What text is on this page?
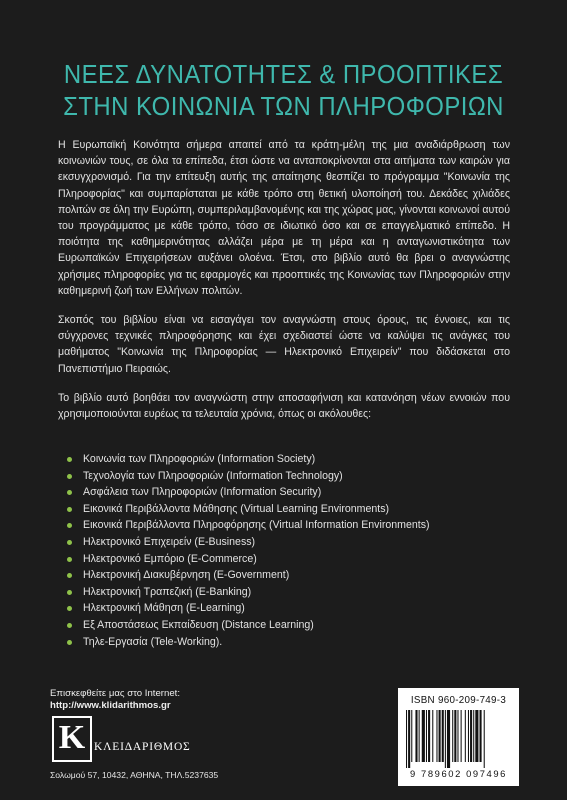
ΝΕΕΣ ΔΥΝΑΤΟΤΗΤΕΣ & ΠΡΟΟΠΤΙΚΕΣ
ΣΤΗΝ ΚΟΙΝΩΝΙΑ ΤΩΝ ΠΛΗΡΟΦΟΡΙΩΝ

Η Ευρωπαϊκή Κοινότητα σήμερα απαιτεί από τα κράτη-μέλη της μια αναδιάρθρωση των κοινωνιών τους, σε όλα τα επίπεδα, έτσι ώστε να ανταποκρίνονται στα αιτήματα των καιρών για εκσυγχρονισμό. Για την επίτευξη αυτής της απαίτησης θεσπίζει το πρόγραμμα "Κοινωνία της Πληροφορίας" και συμπαρίσταται με κάθε τρόπο στη θετική υλοποίησή του. Δεκάδες χιλιάδες πολιτών σε όλη την Ευρώπη, συμπεριλαμβανομένης και της χώρας μας, γίνονται κοινωνοί αυτού του προγράμματος με κάθε τρόπο, τόσο σε ιδιωτικό όσο και σε επαγγελματικό επίπεδο. Η ποιότητα της καθημερινότητας αλλάζει μέρα με τη μέρα και η ανταγωνιστικότητα των Ευρωπαϊκών Επιχειρήσεων αυξάνει ολοένα. Έτσι, στο βιβλίο αυτό θα βρει ο αναγνώστης χρήσιμες πληροφορίες για τις εφαρμογές και προοπτικές της Κοινωνίας των Πληροφοριών στην καθημερινή ζωή των Ελλήνων πολιτών.

Σκοπός του βιβλίου είναι να εισαγάγει τον αναγνώστη στους όρους, τις έννοιες, και τις σύγχρονες τεχνικές πληροφόρησης και έχει σχεδιαστεί ώστε να καλύψει τις ανάγκες του μαθήματος "Κοινωνία της Πληροφορίας — Ηλεκτρονικό Επιχειρείν" που διδάσκεται στο Πανεπιστήμιο Πειραιώς.

Το βιβλίο αυτό βοηθάει τον αναγνώστη στην αποσαφήνιση και κατανόηση νέων εννοιών που χρησιμοποιούνται ευρέως τα τελευταία χρόνια, όπως οι ακόλουθες:

Κοινωνία των Πληροφοριών (Information Society)
Τεχνολογία των Πληροφοριών (Information Technology)
Ασφάλεια των Πληροφοριών (Information Security)
Εικονικά Περιβάλλοντα Μάθησης (Virtual Learning Environments)
Εικονικά Περιβάλλοντα Πληροφόρησης (Virtual Information Environments)
Ηλεκτρονικό Επιχειρείν (E-Business)
Ηλεκτρονικό Εμπόριο (E-Commerce)
Ηλεκτρονική Διακυβέρνηση (E-Government)
Ηλεκτρονική Τραπεζική (E-Banking)
Ηλεκτρονική Μάθηση (E-Learning)
Εξ Αποστάσεως Εκπαίδευση (Distance Learning)
Τηλε-Εργασία (Tele-Working).
Επισκεφθείτε μας στο Internet:
http://www.klidarithmos.gr
K ΚΛΕΙΔΑΡΙΘΜΟΣ
Σολωμού 57, 10432, ΑΘΗΝΑ, ΤΗΛ.5237635
ISBN 960-209-749-3
9 789602 097496
